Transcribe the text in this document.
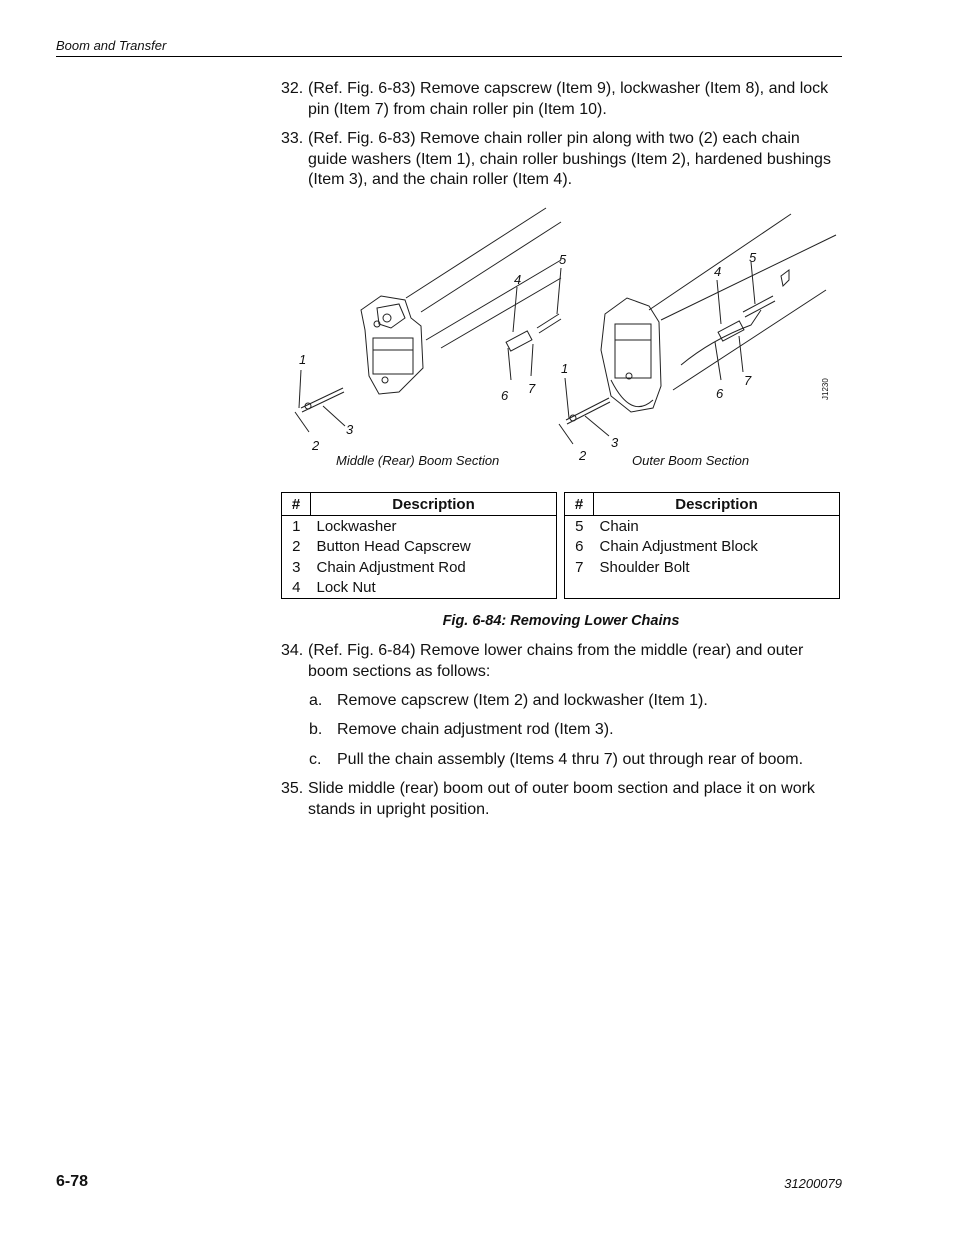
Boom and Transfer
32. (Ref. Fig. 6-83) Remove capscrew (Item 9), lockwasher (Item 8), and lock pin (Item 7) from chain roller pin (Item 10).
33. (Ref. Fig. 6-83) Remove chain roller pin along with two (2) each chain guide washers (Item 1), chain roller bushings (Item 2), hardened bushings (Item 3), and the chain roller (Item 4).
1
2
3
4
5
6 7
1
2
3
4
5
6
7
Middle (Rear) Boom Section	Outer Boom Section
J1230
#	Description
1	Lockwasher
2	Button Head Capscrew
3	Chain Adjustment Rod
4	Lock Nut
#	Description
5	Chain
6	Chain Adjustment Block
7	Shoulder Bolt

Fig. 6-84: Removing Lower Chains
34. (Ref. Fig. 6-84) Remove lower chains from the middle (rear) and outer boom sections as follows:
a. Remove capscrew (Item 2) and lockwasher (Item 1).
b. Remove chain adjustment rod (Item 3).
c. Pull the chain assembly (Items 4 thru 7) out through rear of boom.
35. Slide middle (rear) boom out of outer boom section and place it on work stands in upright position.
6-78	31200079
